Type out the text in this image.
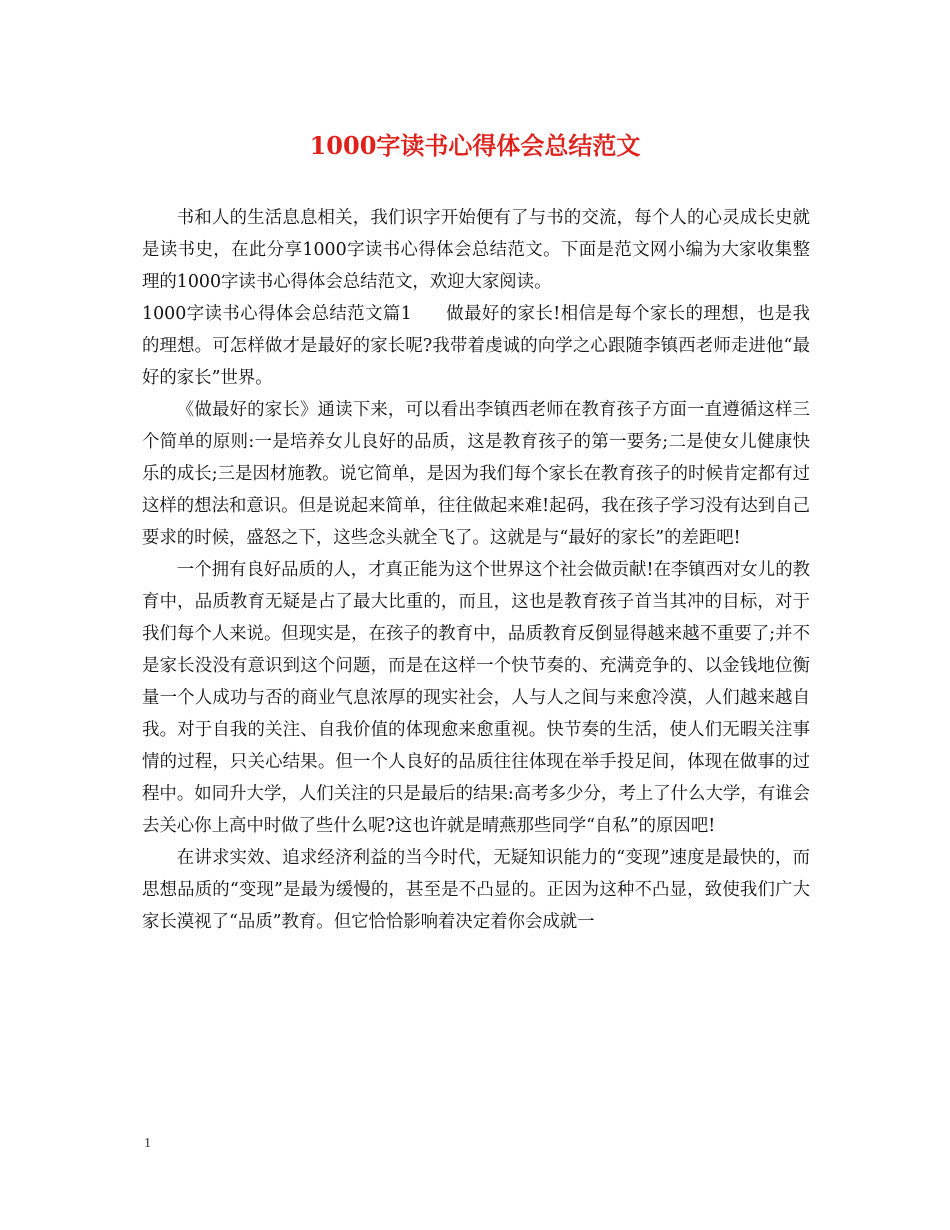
1000字读书心得体会总结范文

书和人的生活息息相关，我们识字开始便有了与书的交流，每个人的心灵成长史就是读书史，在此分享1000字读书心得体会总结范文。下面是范文网小编为大家收集整理的1000字读书心得体会总结范文，欢迎大家阅读。

1000字读书心得体会总结范文篇1 做最好的家长!相信是每个家长的理想，也是我的理想。可怎样做才是最好的家长呢?我带着虔诚的向学之心跟随李镇西老师走进他“最好的家长”世界。

《做最好的家长》通读下来，可以看出李镇西老师在教育孩子方面一直遵循这样三个简单的原则:一是培养女儿良好的品质，这是教育孩子的第一要务;二是使女儿健康快乐的成长;三是因材施教。说它简单，是因为我们每个家长在教育孩子的时候肯定都有过这样的想法和意识。但是说起来简单，往往做起来难!起码，我在孩子学习没有达到自己要求的时候，盛怒之下，这些念头就全飞了。这就是与“最好的家长”的差距吧!

一个拥有良好品质的人，才真正能为这个世界这个社会做贡献!在李镇西对女儿的教育中，品质教育无疑是占了最大比重的，而且，这也是教育孩子首当其冲的目标，对于我们每个人来说。但现实是，在孩子的教育中，品质教育反倒显得越来越不重要了;并不是家长没没有意识到这个问题，而是在这样一个快节奏的、充满竞争的、以金钱地位衡量一个人成功与否的商业气息浓厚的现实社会，人与人之间与来愈冷漠，人们越来越自我。对于自我的关注、自我价值的体现愈来愈重视。快节奏的生活，使人们无暇关注事情的过程，只关心结果。但一个人良好的品质往往体现在举手投足间，体现在做事的过程中。如同升大学，人们关注的只是最后的结果:高考多少分，考上了什么大学，有谁会去关心你上高中时做了些什么呢?这也许就是晴燕那些同学“自私”的原因吧!

在讲求实效、追求经济利益的当今时代，无疑知识能力的“变现”速度是最快的，而思想品质的“变现”是最为缓慢的，甚至是不凸显的。正因为这种不凸显，致使我们广大家长漠视了“品质”教育。但它恰恰影响着决定着你会成就一

1
